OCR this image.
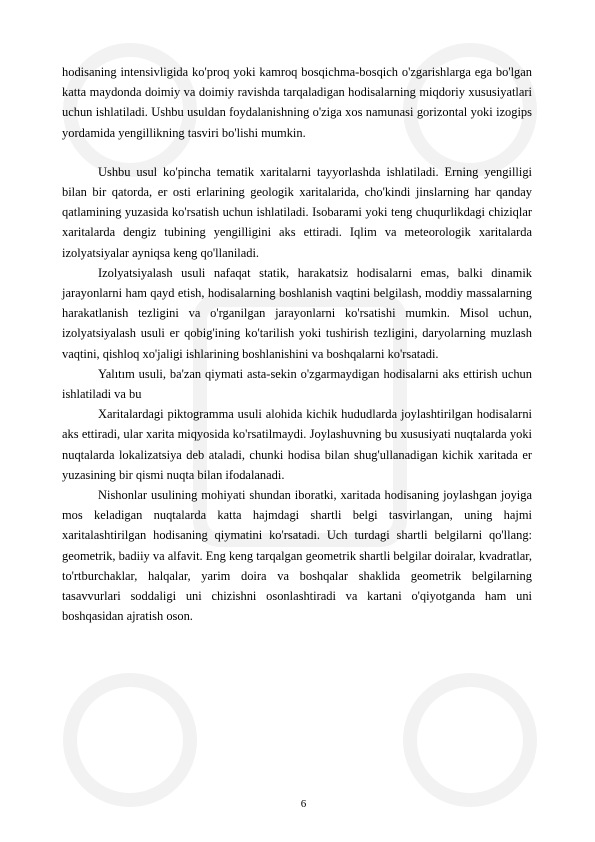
hodisaning intensivligida ko'proq yoki kamroq bosqichma-bosqich o'zgarishlarga ega bo'lgan katta maydonda doimiy va doimiy ravishda tarqaladigan hodisalarning miqdoriy xususiyatlari uchun ishlatiladi. Ushbu usuldan foydalanishning o'ziga xos namunasi gorizontal yoki izogips yordamida yengillikning tasviri bo'lishi mumkin.

Ushbu usul ko'pincha tematik xaritalarni tayyorlashda ishlatiladi. Erning yengilligi bilan bir qatorda, er osti erlarining geologik xaritalarida, cho'kindi jinslarning har qanday qatlamining yuzasida ko'rsatish uchun ishlatiladi. Isobarami yoki teng chuqurlikdagi chiziqlar xaritalarda dengiz tubining yengilligini aks ettiradi. Iqlim va meteorologik xaritalarda izolyatsiyalar ayniqsa keng qo'llaniladi.

Izolyatsiyalash usuli nafaqat statik, harakatsiz hodisalarni emas, balki dinamik jarayonlarni ham qayd etish, hodisalarning boshlanish vaqtini belgilash, moddiy massalarning harakatlanish tezligini va o'rganilgan jarayonlarni ko'rsatishi mumkin. Misol uchun, izolyatsiyalash usuli er qobig'ining ko'tarilish yoki tushirish tezligini, daryolarning muzlash vaqtini, qishloq xo'jaligi ishlarining boshlanishini va boshqalarni ko'rsatadi.

Yalıtım usuli, ba'zan qiymati asta-sekin o'zgarmaydigan hodisalarni aks ettirish uchun ishlatiladi va bu

Xaritalardagi piktogramma usuli alohida kichik hududlarda joylashtirilgan hodisalarni aks ettiradi, ular xarita miqyosida ko'rsatilmaydi. Joylashuvning bu xususiyati nuqtalarda yoki nuqtalarda lokalizatsiya deb ataladi, chunki hodisa bilan shug'ullanadigan kichik xaritada er yuzasining bir qismi nuqta bilan ifodalanadi.

Nishonlar usulining mohiyati shundan iboratki, xaritada hodisaning joylashgan joyiga mos keladigan nuqtalarda katta hajmdagi shartli belgi tasvirlangan, uning hajmi xaritalashtirilgan hodisaning qiymatini ko'rsatadi. Uch turdagi shartli belgilarni qo'llang: geometrik, badiiy va alfavit. Eng keng tarqalgan geometrik shartli belgilar doiralar, kvadratlar, to'rtburchaklar, halqalar, yarim doira va boshqalar shaklida geometrik belgilarning tasavvurlari soddaligi uni chizishni osonlashtiradi va kartani o'qiyotganda ham uni boshqasidan ajratish oson.

6
